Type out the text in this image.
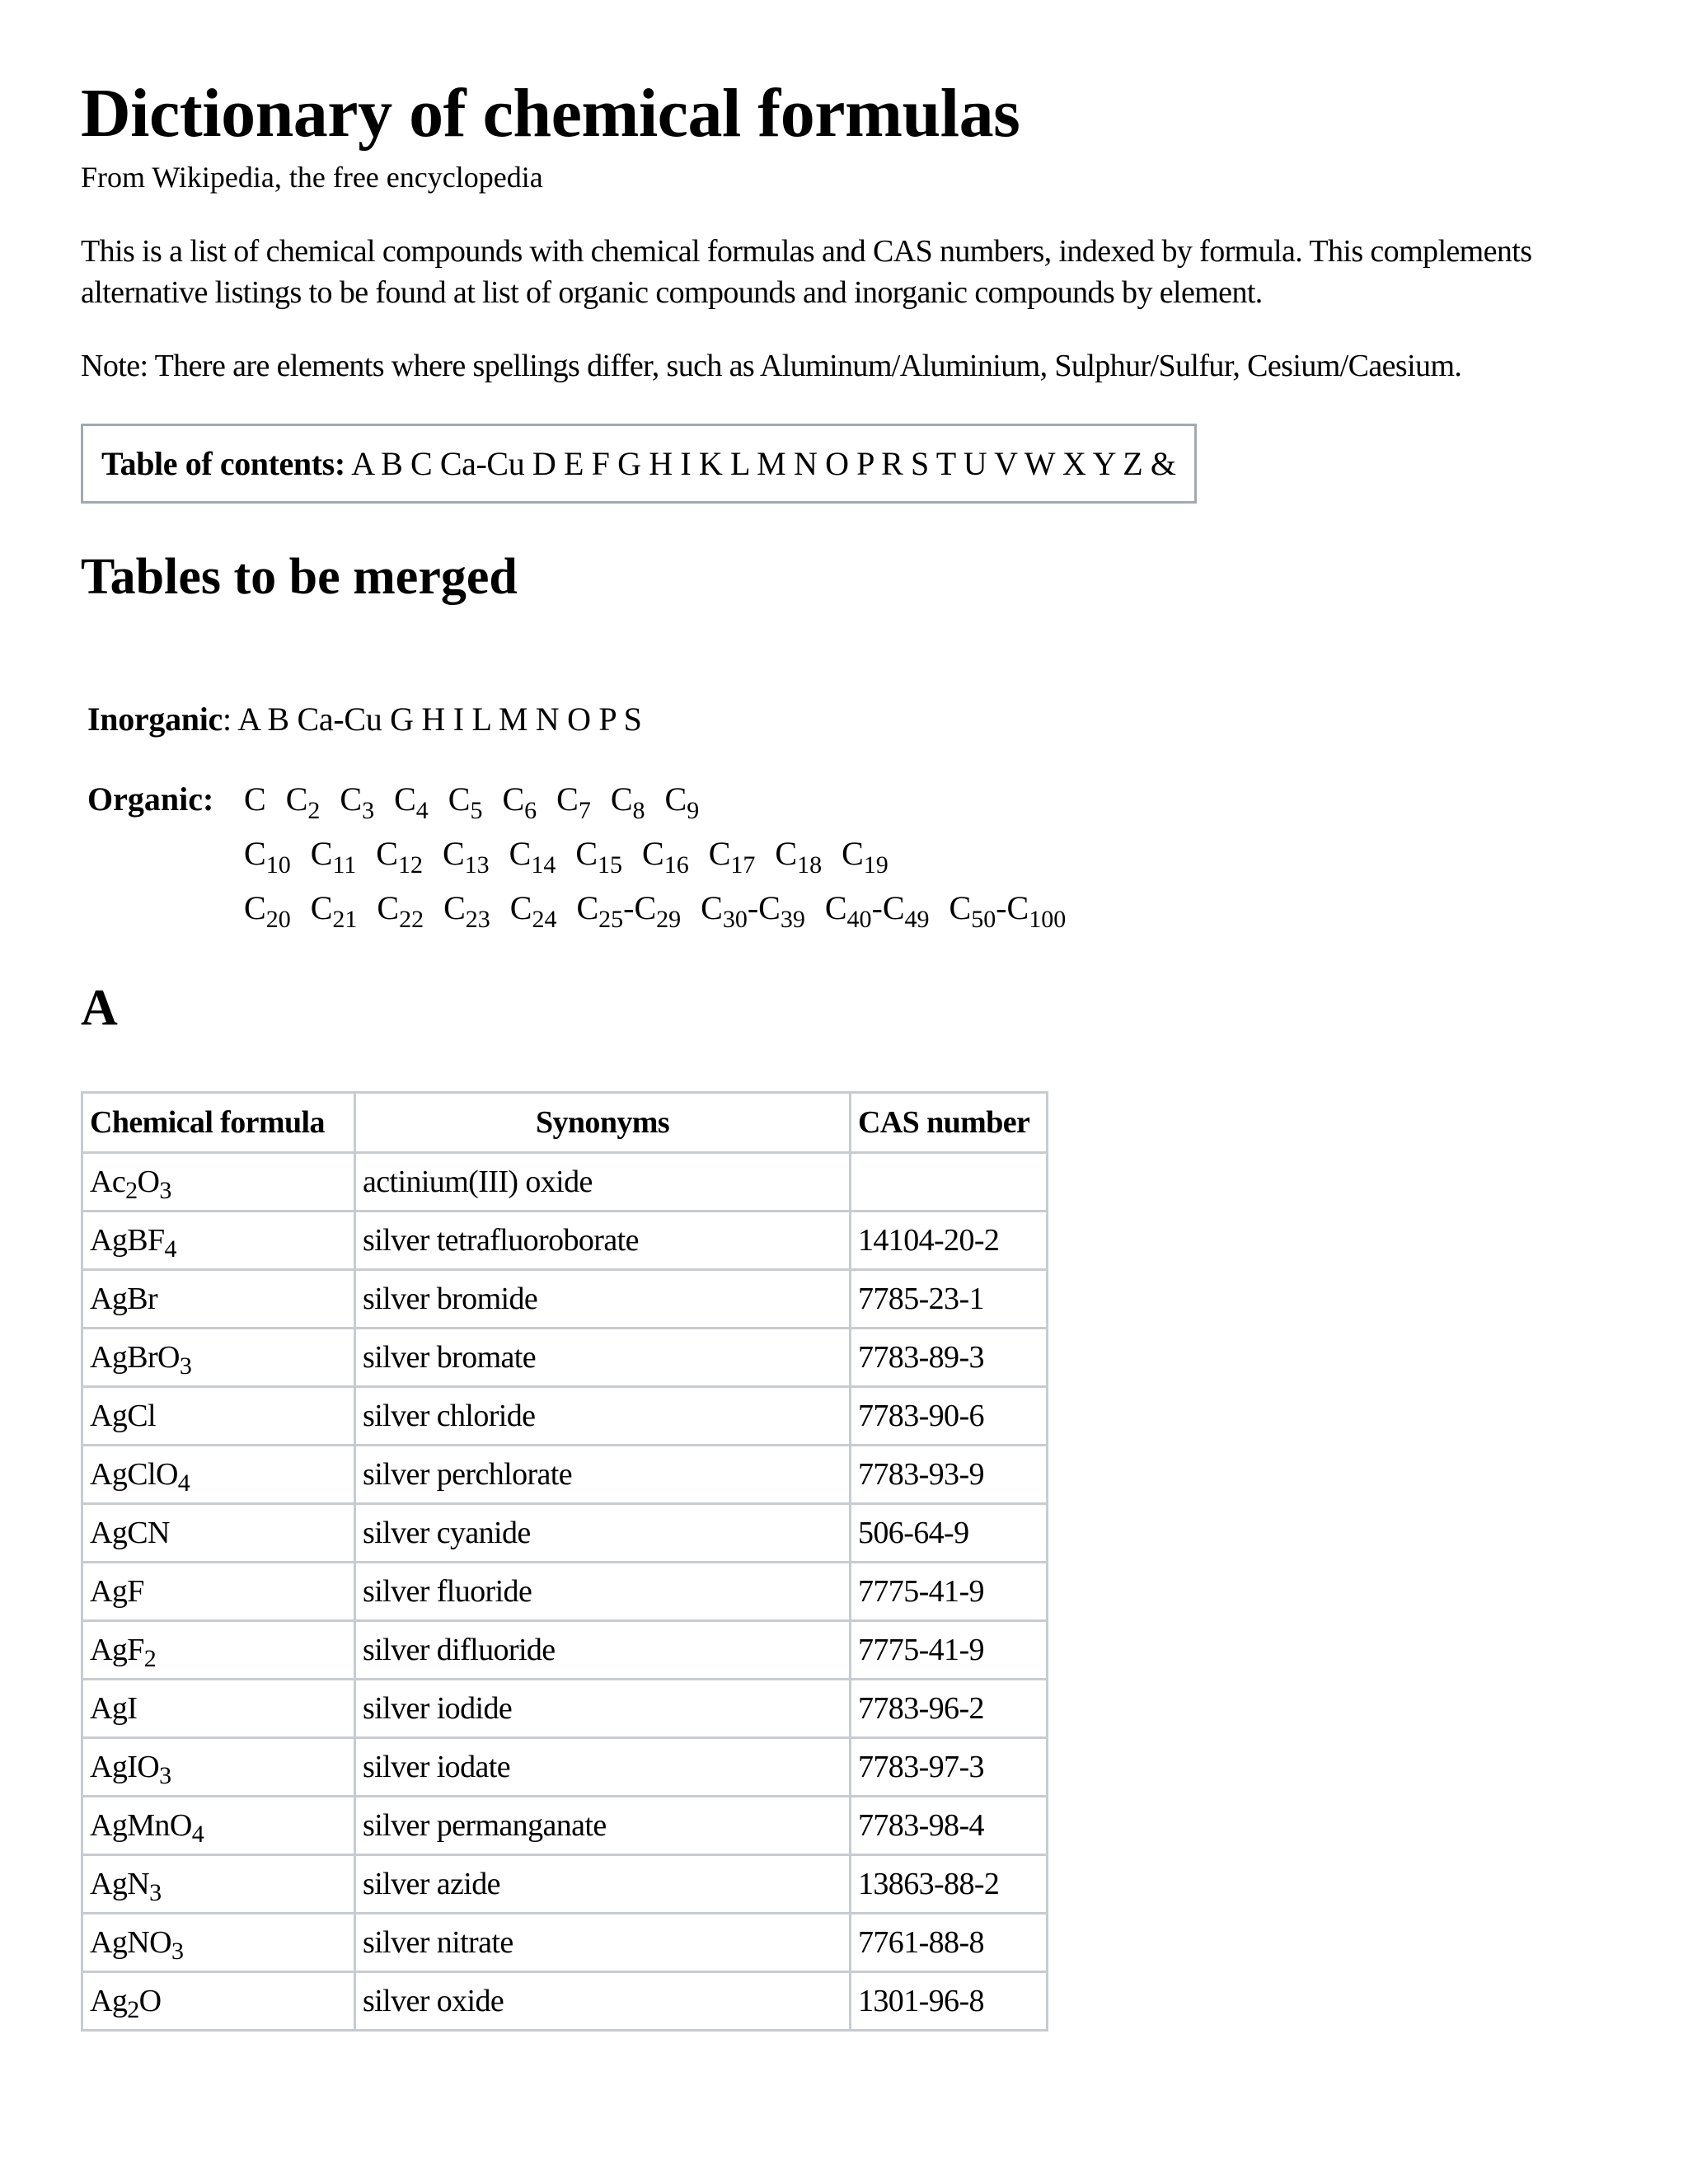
Dictionary of chemical formulas
From Wikipedia, the free encyclopedia
This is a list of chemical compounds with chemical formulas and CAS numbers, indexed by formula. This complements alternative listings to be found at list of organic compounds and inorganic compounds by element.
Note: There are elements where spellings differ, such as Aluminum/Aluminium, Sulphur/Sulfur, Cesium/Caesium.
Table of contents: A B C Ca-Cu D E F G H I K L M N O P R S T U V W X Y Z &
Tables to be merged
Inorganic: A B Ca-Cu G H I L M N O P S
Organic: C $C_2$ $C_3$ $C_4$ $C_5$ $C_6$ $C_7$ $C_8$ $C_9$
$C_{10}$ $C_{11}$ $C_{12}$ $C_{13}$ $C_{14}$ $C_{15}$ $C_{16}$ $C_{17}$ $C_{18}$ $C_{19}$
$C_{20}$ $C_{21}$ $C_{22}$ $C_{23}$ $C_{24}$ $C_{25}-C_{29}$ $C_{30}-C_{39}$ $C_{40}-C_{49}$ $C_{50}-C_{100}$
A
Chemical formula	Synonyms	CAS number
$Ac_2O_3$	actinium(III) oxide	
AgBF$_4$	silver tetrafluoroborate	14104-20-2
AgBr	silver bromide	7785-23-1
AgBrO$_3$	silver bromate	7783-89-3
AgCl	silver chloride	7783-90-6
AgClO$_4$	silver perchlorate	7783-93-9
AgCN	silver cyanide	506-64-9
AgF	silver fluoride	7775-41-9
AgF$_2$	silver difluoride	7775-41-9
AgI	silver iodide	7783-96-2
AgIO$_3$	silver iodate	7783-97-3
AgMnO$_4$	silver permanganate	7783-98-4
AgN$_3$	silver azide	13863-88-2
AgNO$_3$	silver nitrate	7761-88-8
$Ag_2O$	silver oxide	1301-96-8
